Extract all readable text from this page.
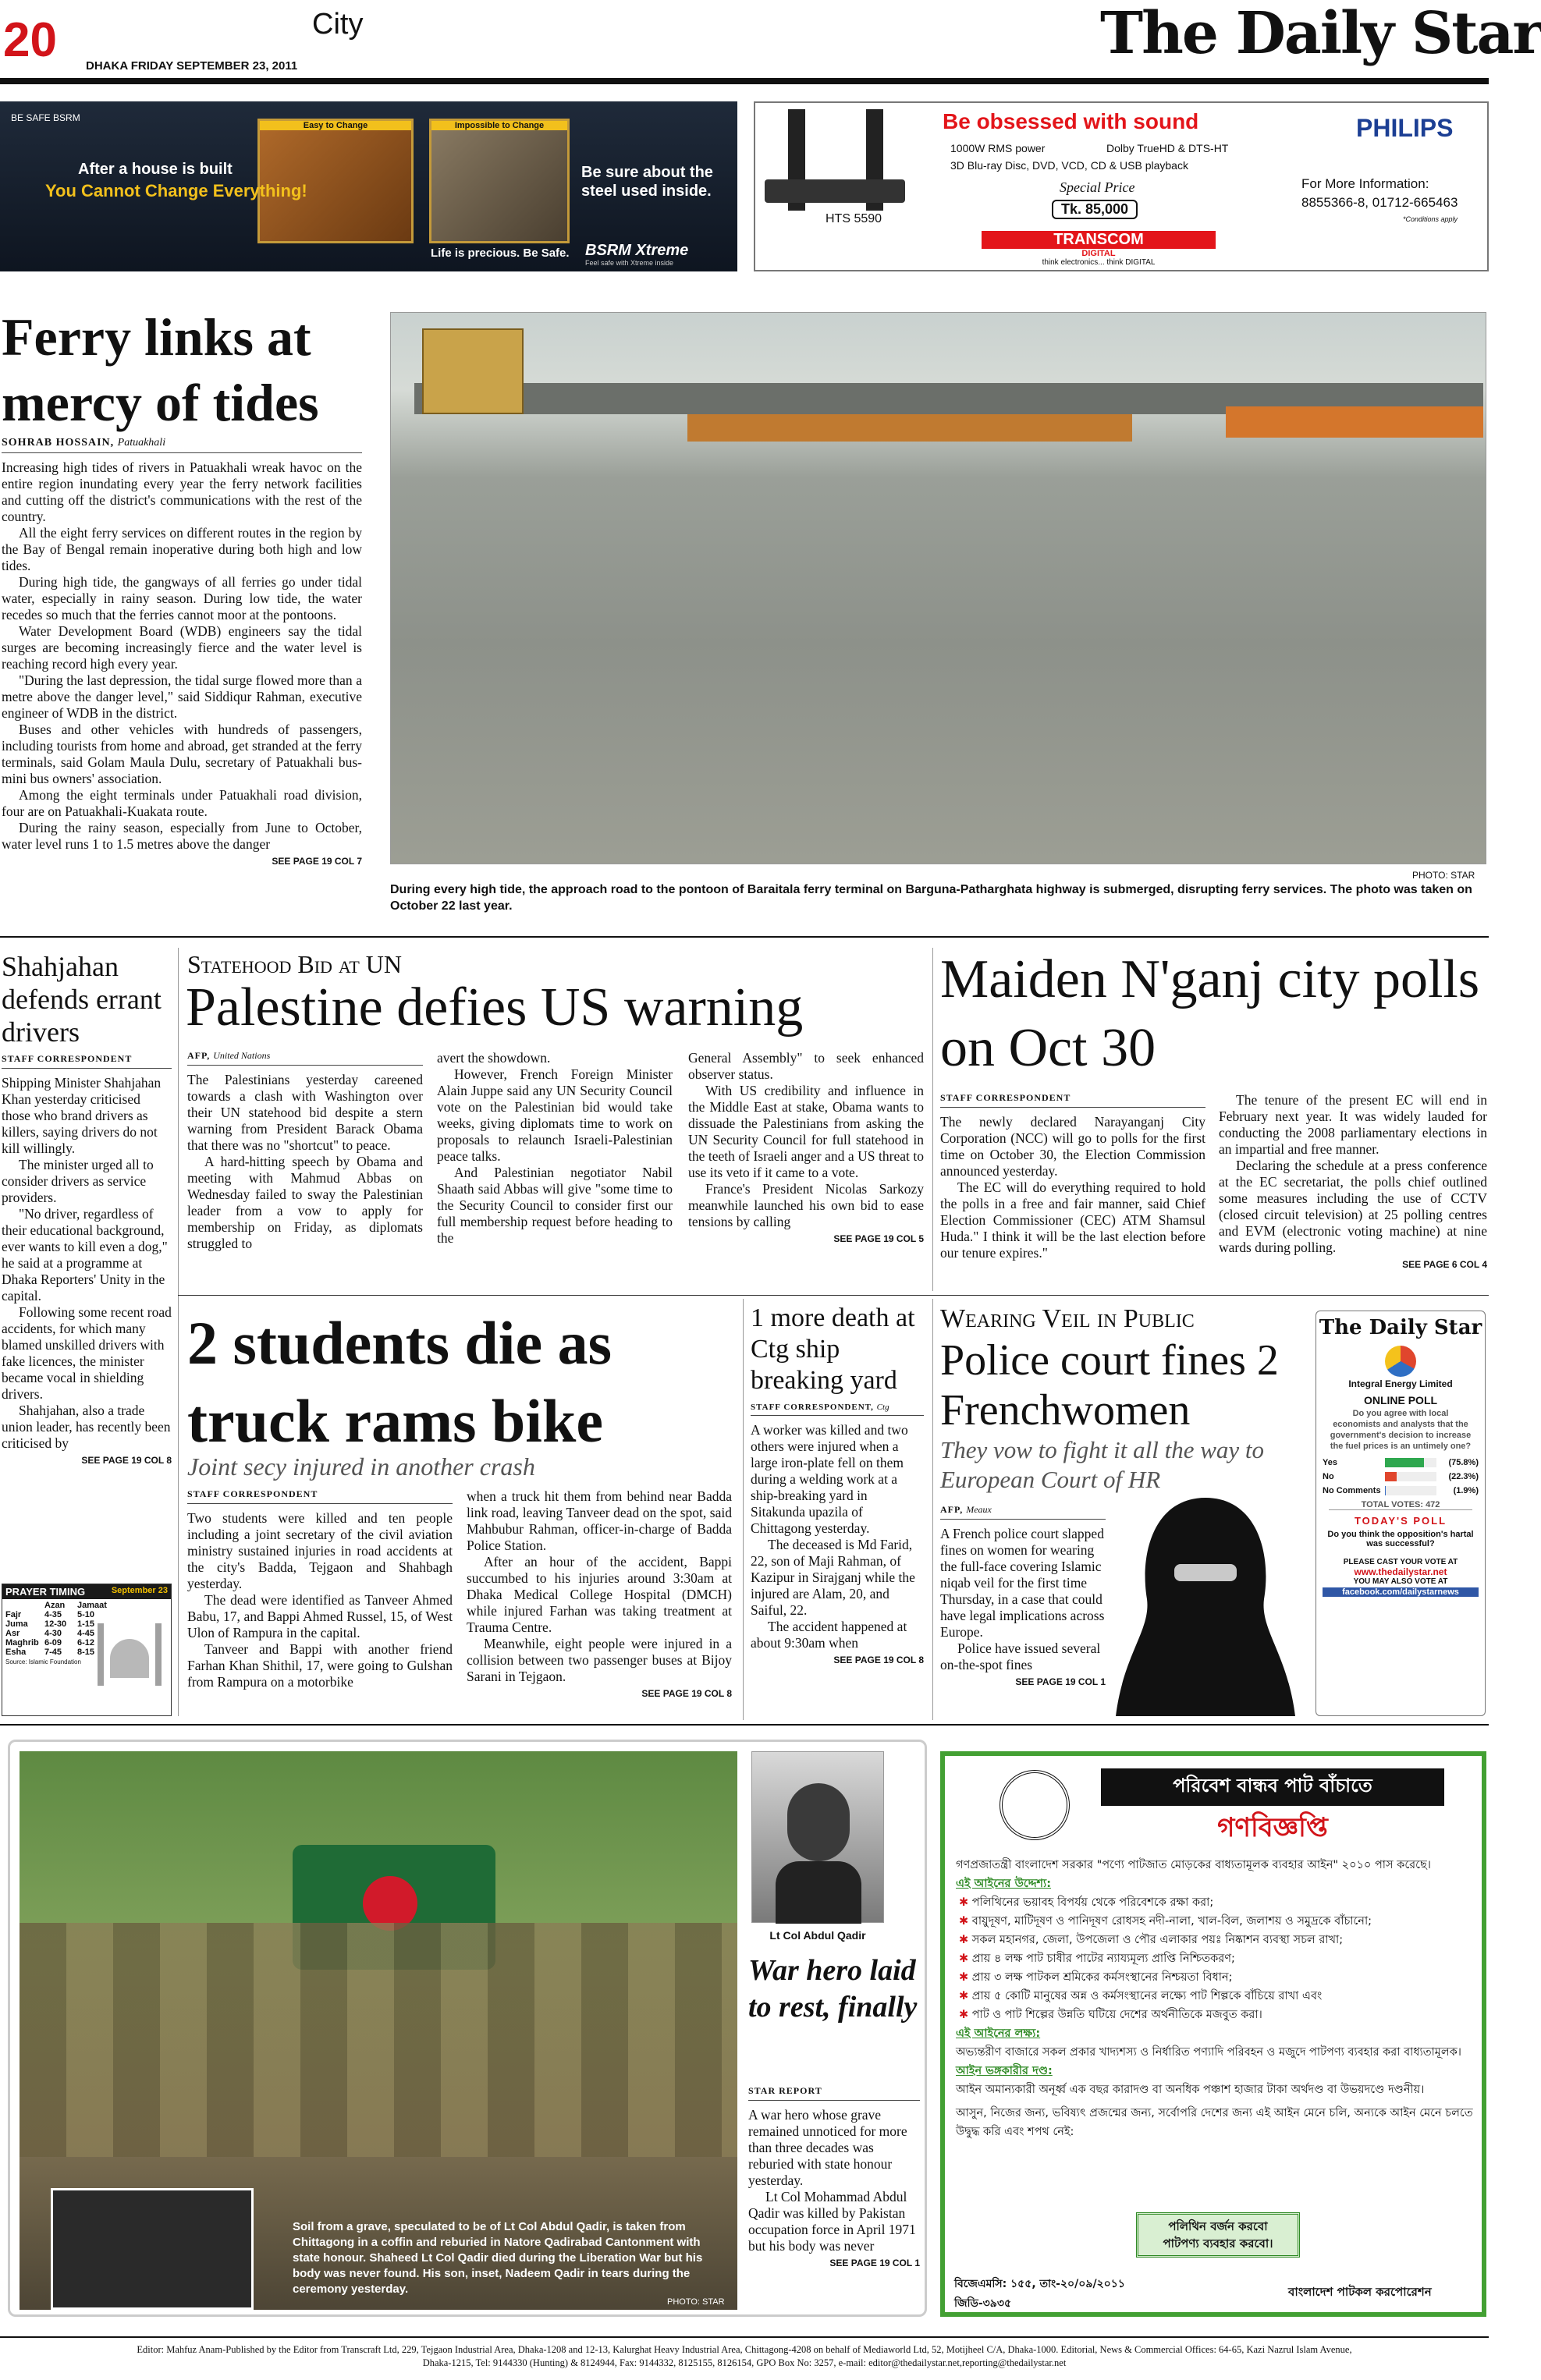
20	City
DHAKA FRIDAY SEPTEMBER 23, 2011	The Daily Star
BE SAFE BSRM
Easy to Change	Impossible to Change
After a house is built
You Cannot Change Everything!
Be sure about the
steel used inside.
Life is precious. Be Safe. BSRM Xtreme
Feel safe with Xtreme inside
HTS 5590
Be obsessed with sound	PHILIPS
1000W RMS power	Dolby TrueHD & DTS-HT
3D Blu-ray Disc, DVD, VCD, CD & USB playback
Special Price
Tk. 85,000
For More Information:
8855366-8, 01712-665463
*Conditions apply
TRANSCOM
DIGITAL
think electronics... think DIGITAL
Ferry links at mercy of tides
SOHRAB HOSSAIN, Patuakhali

Increasing high tides of rivers in Patuakhali wreak havoc on the entire region inundating every year the ferry network facilities and cutting off the district's communications with the rest of the country.

All the eight ferry services on different routes in the region by the Bay of Bengal remain inoperative during both high and low tides.

During high tide, the gangways of all ferries go under tidal water, especially in rainy season. During low tide, the water recedes so much that the ferries cannot moor at the pontoons.

Water Development Board (WDB) engineers say the tidal surges are becoming increasingly fierce and the water level is reaching record high every year.

"During the last depression, the tidal surge flowed more than a metre above the danger level," said Siddiqur Rahman, executive engineer of WDB in the district.

Buses and other vehicles with hundreds of passengers, including tourists from home and abroad, get stranded at the ferry terminals, said Golam Maula Dulu, secretary of Patuakhali bus-mini bus owners' association.

Among the eight terminals under Patuakhali road division, four are on Patuakhali-Kuakata route.

During the rainy season, especially from June to October, water level runs 1 to 1.5 metres above the danger

SEE PAGE 19 COL 7
PHOTO: STAR
During every high tide, the approach road to the pontoon of Baraitala ferry terminal on Barguna-Patharghata highway is submerged, disrupting ferry services. The photo was taken on October 22 last year.
Shahjahan defends errant drivers
STAFF CORRESPONDENT

Shipping Minister Shahjahan Khan yesterday criticised those who brand drivers as killers, saying drivers do not kill willingly.

The minister urged all to consider drivers as service providers.

"No driver, regardless of their educational background, ever wants to kill even a dog," he said at a programme at Dhaka Reporters' Unity in the capital.

Following some recent road accidents, for which many blamed unskilled drivers with fake licences, the minister became vocal in shielding drivers.

Shahjahan, also a trade union leader, has recently been criticised by

SEE PAGE 19 COL 8
PRAYER TIMING	September 23
	Azan	Jamaat
Fajr	4-35	5-10
Juma	12-30	1-15
Asr	4-30	4-45
Maghrib	6-09	6-12
Esha	7-45	8-15
Source: Islamic Foundation
Statehood Bid at UN
Palestine defies US warning
AFP, United Nations

The Palestinians yesterday careened towards a clash with Washington over their UN statehood bid despite a stern warning from President Barack Obama that there was no "shortcut" to peace.

A hard-hitting speech by Obama and meeting with Mahmud Abbas on Wednesday failed to sway the Palestinian leader from a vow to apply for membership on Friday, as diplomats struggled to

avert the showdown.

However, French Foreign Minister Alain Juppe said any UN Security Council vote on the Palestinian bid would take weeks, giving diplomats time to work on proposals to relaunch Israeli-Palestinian peace talks.

And Palestinian negotiator Nabil Shaath said Abbas will give "some time to the Security Council to consider first our full membership request before heading to the

General Assembly" to seek enhanced observer status.

With US credibility and influence in the Middle East at stake, Obama wants to dissuade the Palestinians from asking the UN Security Council for full statehood in the teeth of Israeli anger and a US threat to use its veto if it came to a vote.

France's President Nicolas Sarkozy meanwhile launched his own bid to ease tensions by calling

SEE PAGE 19 COL 5
Maiden N'ganj city polls on Oct 30
STAFF CORRESPONDENT

The newly declared Narayanganj City Corporation (NCC) will go to polls for the first time on October 30, the Election Commission announced yesterday.

The EC will do everything required to hold the polls in a free and fair manner, said Chief Election Commissioner (CEC) ATM Shamsul Huda." I think it will be the last election before our tenure expires."

The tenure of the present EC will end in February next year. It was widely lauded for conducting the 2008 parliamentary elections in an impartial and free manner.

Declaring the schedule at a press conference at the EC secretariat, the polls chief outlined some measures including the use of CCTV (closed circuit television) at 25 polling centres and EVM (electronic voting machine) at nine wards during polling.

SEE PAGE 6 COL 4
2 students die as truck rams bike
Joint secy injured in another crash
STAFF CORRESPONDENT

Two students were killed and ten people including a joint secretary of the civil aviation ministry sustained injuries in road accidents at the city's Badda, Tejgaon and Shahbagh yesterday.

The dead were identified as Tanveer Ahmed Babu, 17, and Bappi Ahmed Russel, 15, of West Ulon of Rampura in the capital.

Tanveer and Bappi with another friend Farhan Khan Shithil, 17, were going to Gulshan from Rampura on a motorbike

when a truck hit them from behind near Badda link road, leaving Tanveer dead on the spot, said Mahbubur Rahman, officer-in-charge of Badda Police Station.

After an hour of the accident, Bappi succumbed to his injuries around 3:30am at Dhaka Medical College Hospital (DMCH) while injured Farhan was taking treatment at Trauma Centre.

Meanwhile, eight people were injured in a collision between two passenger buses at Bijoy Sarani in Tejgaon.

SEE PAGE 19 COL 8
1 more death at Ctg ship breaking yard
STAFF CORRESPONDENT, Ctg

A worker was killed and two others were injured when a large iron-plate fell on them during a welding work at a ship-breaking yard in Sitakunda upazila of Chittagong yesterday.

The deceased is Md Farid, 22, son of Maji Rahman, of Kazipur in Sirajganj while the injured are Alam, 20, and Saiful, 22.

The accident happened at about 9:30am when

SEE PAGE 19 COL 8
Wearing Veil in Public
Police court fines 2 Frenchwomen
They vow to fight it all the way to European Court of HR
AFP, Meaux

A French police court slapped fines on women for wearing the full-face covering Islamic niqab veil for the first time Thursday, in a case that could have legal implications across Europe.

Police have issued several on-the-spot fines

SEE PAGE 19 COL 1
The Daily Star
Integral Energy Limited
ONLINE POLL
Do you agree with local economists and analysts that the government's decision to increase the fuel prices is an untimely one?
Yes	(75.8%)
No	(22.3%)
No Comments	(1.9%)
TOTAL VOTES: 472
TODAY'S POLL
Do you think the opposition's hartal was successful?
PLEASE CAST YOUR VOTE AT
www.thedailystar.net
YOU MAY ALSO VOTE AT
facebook.com/dailystarnews
Soil from a grave, speculated to be of Lt Col Abdul Qadir, is taken from Chittagong in a coffin and reburied in Natore Qadirabad Cantonment with state honour. Shaheed Lt Col Qadir died during the Liberation War but his body was never found. His son, inset, Nadeem Qadir in tears during the ceremony yesterday.
PHOTO: STAR
Lt Col Abdul Qadir
War hero laid to rest, finally
STAR REPORT

A war hero whose grave remained unnoticed for more than three decades was reburied with state honour yesterday.

Lt Col Mohammad Abdul Qadir was killed by Pakistan occupation force in April 1971 but his body was never

SEE PAGE 19 COL 1
পরিবেশ বান্ধব পাট বাঁচাতে
গণবিজ্ঞপ্তি
গণপ্রজাতন্ত্রী বাংলাদেশ সরকার "পণ্যে পাটজাত মোড়কের বাধ্যতামূলক ব্যবহার আইন" ২০১০ পাস করেছে।
এই আইনের উদ্দেশ্য:
✱ পলিথিনের ভয়াবহ বিপর্যয় থেকে পরিবেশকে রক্ষা করা;
✱ বায়ুদূষণ, মাটিদূষণ ও পানিদূষণ রোধসহ নদী-নালা, খাল-বিল, জলাশয় ও সমুদ্রকে বাঁচানো;
✱ সকল মহানগর, জেলা, উপজেলা ও পৌর এলাকার পয়ঃ নিষ্কাশন ব্যবস্থা সচল রাখা;
✱ প্রায় ৪ লক্ষ পাট চাষীর পাটের ন্যায্যমূল্য প্রাপ্তি নিশ্চিতকরণ;
✱ প্রায় ৩ লক্ষ পাটকল শ্রমিকের কর্মসংস্থানের নিশ্চয়তা বিধান;
✱ প্রায় ৫ কোটি মানুষের অন্ন ও কর্মসংস্থানের লক্ষ্যে পাট শিল্পকে বাঁচিয়ে রাখা এবং
✱ পাট ও পাট শিল্পের উন্নতি ঘটিয়ে দেশের অর্থনীতিকে মজবুত করা।
এই আইনের লক্ষ্য:
অভ্যন্তরীণ বাজারে সকল প্রকার খাদ্যশস্য ও নির্ধারিত পণ্যাদি পরিবহন ও মজুদে পাটপণ্য ব্যবহার করা বাধ্যতামূলক।
আইন ভঙ্গকারীর দণ্ড:
আইন অমান্যকারী অনূর্ধ্ব এক বছর কারাদণ্ড বা অনধিক পঞ্চাশ হাজার টাকা অর্থদণ্ড বা উভয়দণ্ডে দণ্ডনীয়।
আসুন, নিজের জন্য, ভবিষ্যৎ প্রজন্মের জন্য, সর্বোপরি দেশের জন্য এই আইন মেনে চলি, অন্যকে আইন মেনে চলতে উদ্বুদ্ধ করি এবং শপথ নেই:
পলিথিন বর্জন করবো
পাটপণ্য ব্যবহার করবো।
বিজেএমসি: ১৫৫, তাং-২০/০৯/২০১১
জিডি-৩৯৩৫
বাংলাদেশ পাটকল করপোরেশন
Editor: Mahfuz Anam-Published by the Editor from Transcraft Ltd, 229, Tejgaon Industrial Area, Dhaka-1208 and 12-13, Kalurghat Heavy Industrial Area, Chittagong-4208 on behalf of Mediaworld Ltd, 52, Motijheel C/A, Dhaka-1000. Editorial, News & Commercial Offices: 64-65, Kazi Nazrul Islam Avenue,
Dhaka-1215, Tel: 9144330 (Hunting) & 8124944, Fax: 9144332, 8125155, 8126154, GPO Box No: 3257, e-mail: editor@thedailystar.net,reporting@thedailystar.net
